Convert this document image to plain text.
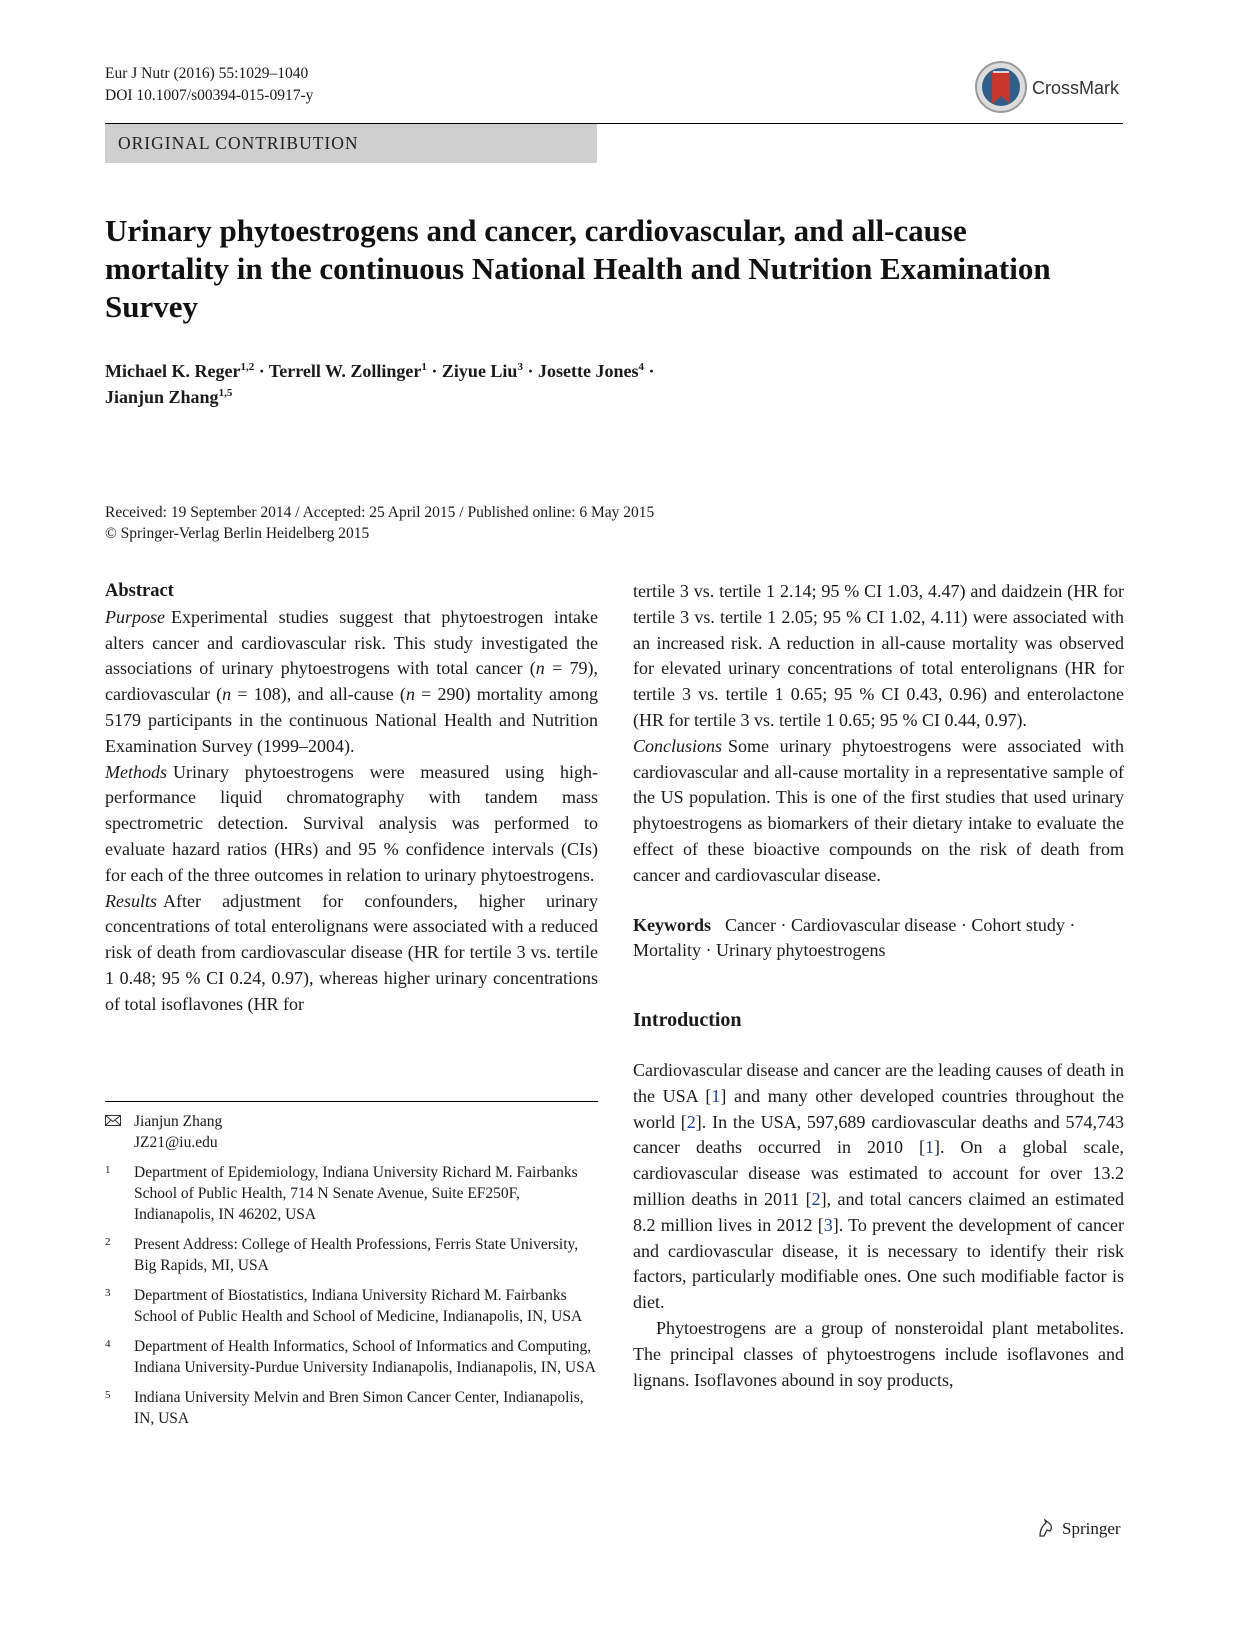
Eur J Nutr (2016) 55:1029–1040
DOI 10.1007/s00394-015-0917-y	CrossMark
ORIGINAL CONTRIBUTION
Urinary phytoestrogens and cancer, cardiovascular, and all-cause mortality in the continuous National Health and Nutrition Examination Survey
Michael K. Reger$^{1,2}$ · Terrell W. Zollinger$^1$ · Ziyue Liu$^3$ · Josette Jones$^4$ ·
Jianjun Zhang$^{1,5}$
Received: 19 September 2014 / Accepted: 25 April 2015 / Published online: 6 May 2015
© Springer-Verlag Berlin Heidelberg 2015

Abstract

Purpose Experimental studies suggest that phytoestrogen intake alters cancer and cardiovascular risk. This study investigated the associations of urinary phytoestrogens with total cancer (n = 79), cardiovascular (n = 108), and all-cause (n = 290) mortality among 5179 participants in the continuous National Health and Nutrition Examination Survey (1999–2004).

Methods Urinary phytoestrogens were measured using high-performance liquid chromatography with tandem mass spectrometric detection. Survival analysis was performed to evaluate hazard ratios (HRs) and 95 % confidence intervals (CIs) for each of the three outcomes in relation to urinary phytoestrogens.

Results After adjustment for confounders, higher urinary concentrations of total enterolignans were associated with a reduced risk of death from cardiovascular disease (HR for tertile 3 vs. tertile 1 0.48; 95 % CI 0.24, 0.97), whereas higher urinary concentrations of total isoflavones (HR for

tertile 3 vs. tertile 1 2.14; 95 % CI 1.03, 4.47) and daidzein (HR for tertile 3 vs. tertile 1 2.05; 95 % CI 1.02, 4.11) were associated with an increased risk. A reduction in all-cause mortality was observed for elevated urinary concentrations of total enterolignans (HR for tertile 3 vs. tertile 1 0.65; 95 % CI 0.43, 0.96) and enterolactone (HR for tertile 3 vs. tertile 1 0.65; 95 % CI 0.44, 0.97).

Conclusions Some urinary phytoestrogens were associated with cardiovascular and all-cause mortality in a representative sample of the US population. This is one of the first studies that used urinary phytoestrogens as biomarkers of their dietary intake to evaluate the effect of these bioactive compounds on the risk of death from cancer and cardiovascular disease.

Keywords Cancer · Cardiovascular disease · Cohort study · Mortality · Urinary phytoestrogens

Introduction

Cardiovascular disease and cancer are the leading causes of death in the USA [1] and many other developed countries throughout the world [2]. In the USA, 597,689 cardiovascular deaths and 574,743 cancer deaths occurred in 2010 [1]. On a global scale, cardiovascular disease was estimated to account for over 13.2 million deaths in 2011 [2], and total cancers claimed an estimated 8.2 million lives in 2012 [3]. To prevent the development of cancer and cardiovascular disease, it is necessary to identify their risk factors, particularly modifiable ones. One such modifiable factor is diet.

Phytoestrogens are a group of nonsteroidal plant metabolites. The principal classes of phytoestrogens include isoflavones and lignans. Isoflavones abound in soy products,

Jianjun Zhang
JZ21@iu.edu
1 Department of Epidemiology, Indiana University Richard M. Fairbanks School of Public Health, 714 N Senate Avenue, Suite EF250F, Indianapolis, IN 46202, USA
2 Present Address: College of Health Professions, Ferris State University, Big Rapids, MI, USA
3 Department of Biostatistics, Indiana University Richard M. Fairbanks School of Public Health and School of Medicine, Indianapolis, IN, USA
4 Department of Health Informatics, School of Informatics and Computing, Indiana University-Purdue University Indianapolis, Indianapolis, IN, USA
5 Indiana University Melvin and Bren Simon Cancer Center, Indianapolis, IN, USA
Springer
